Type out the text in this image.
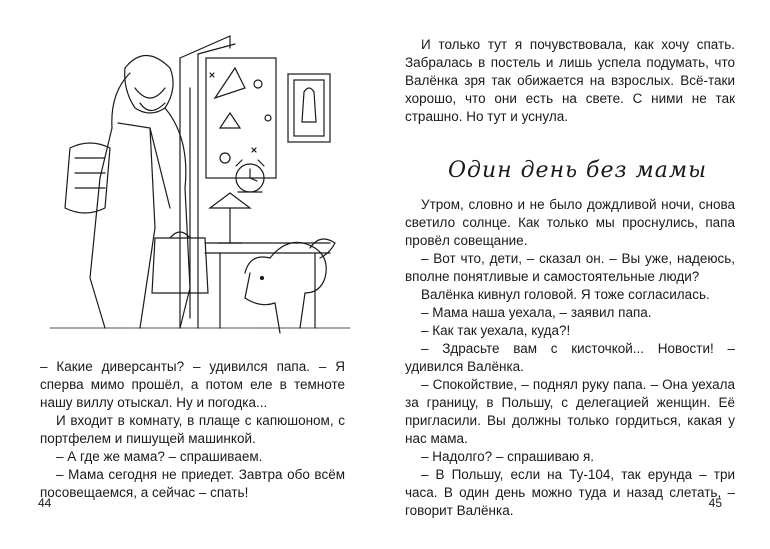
– Какие диверсанты? – удивился папа. – Я сперва мимо прошёл, а потом еле в темноте нашу виллу отыскал. Ну и погодка...

И входит в комнату, в плаще с капюшоном, с портфелем и пишущей машинкой.

– А где же мама? – спрашиваем.

– Мама сегодня не приедет. Завтра обо всём посовещаемся, а сейчас – спать!

44

И только тут я почувствовала, как хочу спать. Забралась в постель и лишь успела подумать, что Валёнка зря так обижается на взрослых. Всё-таки хорошо, что они есть на свете. С ними не так страшно. Но тут и уснула.

Один день без мамы

Утром, словно и не было дождливой ночи, снова светило солнце. Как только мы проснулись, папа провёл совещание.

– Вот что, дети, – сказал он. – Вы уже, надеюсь, вполне понятливые и самостоятельные люди?

Валёнка кивнул головой. Я тоже согласилась.

– Мама наша уехала, – заявил папа.

– Как так уехала, куда?!

– Здрасьте вам с кисточкой... Новости! – удивился Валёнка.

– Спокойствие, – поднял руку папа. – Она уехала за границу, в Польшу, с делегацией женщин. Её пригласили. Вы должны только гордиться, какая у нас мама.

– Надолго? – спрашиваю я.

– В Польшу, если на Ту-104, так ерунда – три часа. В один день можно туда и назад слетать, – говорит Валёнка.	45
